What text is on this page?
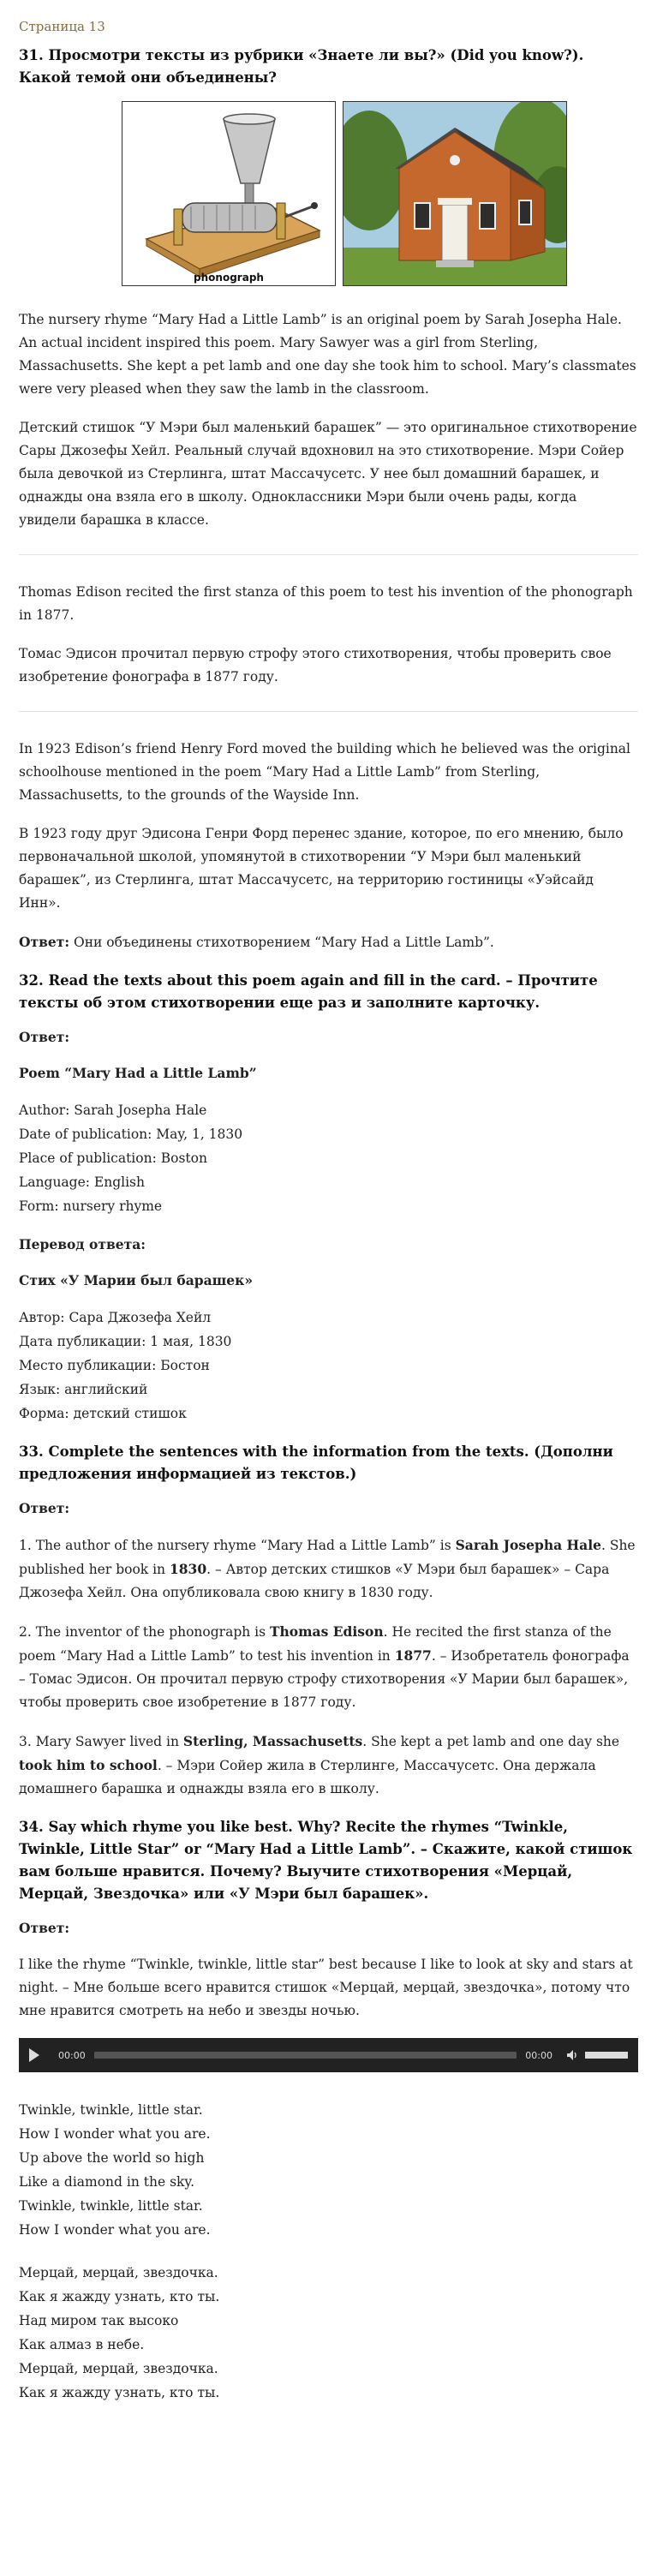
Страница 13
31. Просмотри тексты из рубрики «Знаете ли вы?» (Did you know?). Какой темой они объединены?
phonograph

The nursery rhyme “Mary Had a Little Lamb” is an original poem by Sarah Josepha Hale. An actual incident inspired this poem. Mary Sawyer was a girl from Sterling, Massachusetts. She kept a pet lamb and one day she took him to school. Mary’s classmates were very pleased when they saw the lamb in the classroom.

Детский стишок “У Мэри был маленький барашек” — это оригинальное стихотворение Сары Джозефы Хейл. Реальный случай вдохновил на это стихотворение. Мэри Сойер была девочкой из Стерлинга, штат Массачусетс. У нее был домашний барашек, и однажды она взяла его в школу. Одноклассники Мэри были очень рады, когда увидели барашка в классе.

Thomas Edison recited the first stanza of this poem to test his invention of the phonograph in 1877.

Томас Эдисон прочитал первую строфу этого стихотворения, чтобы проверить свое изобретение фонографа в 1877 году.

In 1923 Edison’s friend Henry Ford moved the building which he believed was the original schoolhouse mentioned in the poem “Mary Had a Little Lamb” from Sterling, Massachusetts, to the grounds of the Wayside Inn.

В 1923 году друг Эдисона Генри Форд перенес здание, которое, по его мнению, было первоначальной школой, упомянутой в стихотворении “У Мэри был маленький барашек”, из Стерлинга, штат Массачусетс, на территорию гостиницы «Уэйсайд Инн».

Ответ: Они объединены стихотворением “Mary Had a Little Lamb”.

32. Read the texts about this poem again and fill in the card. – Прочтите тексты об этом стихотворении еще раз и заполните карточку.
Ответ:
Poem “Mary Had a Little Lamb”
Author: Sarah Josepha Hale
Date of publication: May, 1, 1830
Place of publication: Boston
Language: English
Form: nursery rhyme
Перевод ответа:
Стих «У Марии был барашек»
Автор: Сара Джозефа Хейл
Дата публикации: 1 мая, 1830
Место публикации: Бостон
Язык: английский
Форма: детский стишок
33. Complete the sentences with the information from the texts. (Дополни предложения информацией из текстов.)
Ответ:

1. The author of the nursery rhyme “Mary Had a Little Lamb” is Sarah Josepha Hale. She published her book in 1830. – Автор детских стишков «У Мэри был барашек» – Сара Джозефа Хейл. Она опубликовала свою книгу в 1830 году.

2. The inventor of the phonograph is Thomas Edison. He recited the first stanza of the poem “Mary Had a Little Lamb” to test his invention in 1877. – Изобретатель фонографа – Томас Эдисон. Он прочитал первую строфу стихотворения «У Марии был барашек», чтобы проверить свое изобретение в 1877 году.

3. Mary Sawyer lived in Sterling, Massachusetts. She kept a pet lamb and one day she took him to school. – Мэри Сойер жила в Стерлинге, Массачусетс. Она держала домашнего барашка и однажды взяла его в школу.

34. Say which rhyme you like best. Why? Recite the rhymes “Twinkle, Twinkle, Little Star” or “Mary Had a Little Lamb”. – Скажите, какой стишок вам больше нравится. Почему? Выучите стихотворения «Мерцай, Мерцай, Звездочка» или «У Мэри был барашек».
Ответ:

I like the rhyme “Twinkle, twinkle, little star” best because I like to look at sky and stars at night. – Мне больше всего нравится стишок «Мерцай, мерцай, звездочка», потому что мне нравится смотреть на небо и звезды ночью.

00:00	00:00
Twinkle, twinkle, little star.
How I wonder what you are.
Up above the world so high
Like a diamond in the sky.
Twinkle, twinkle, little star.
How I wonder what you are.
Мерцай, мерцай, звездочка.
Как я жажду узнать, кто ты.
Над миром так высоко
Как алмаз в небе.
Мерцай, мерцай, звездочка.
Как я жажду узнать, кто ты.
